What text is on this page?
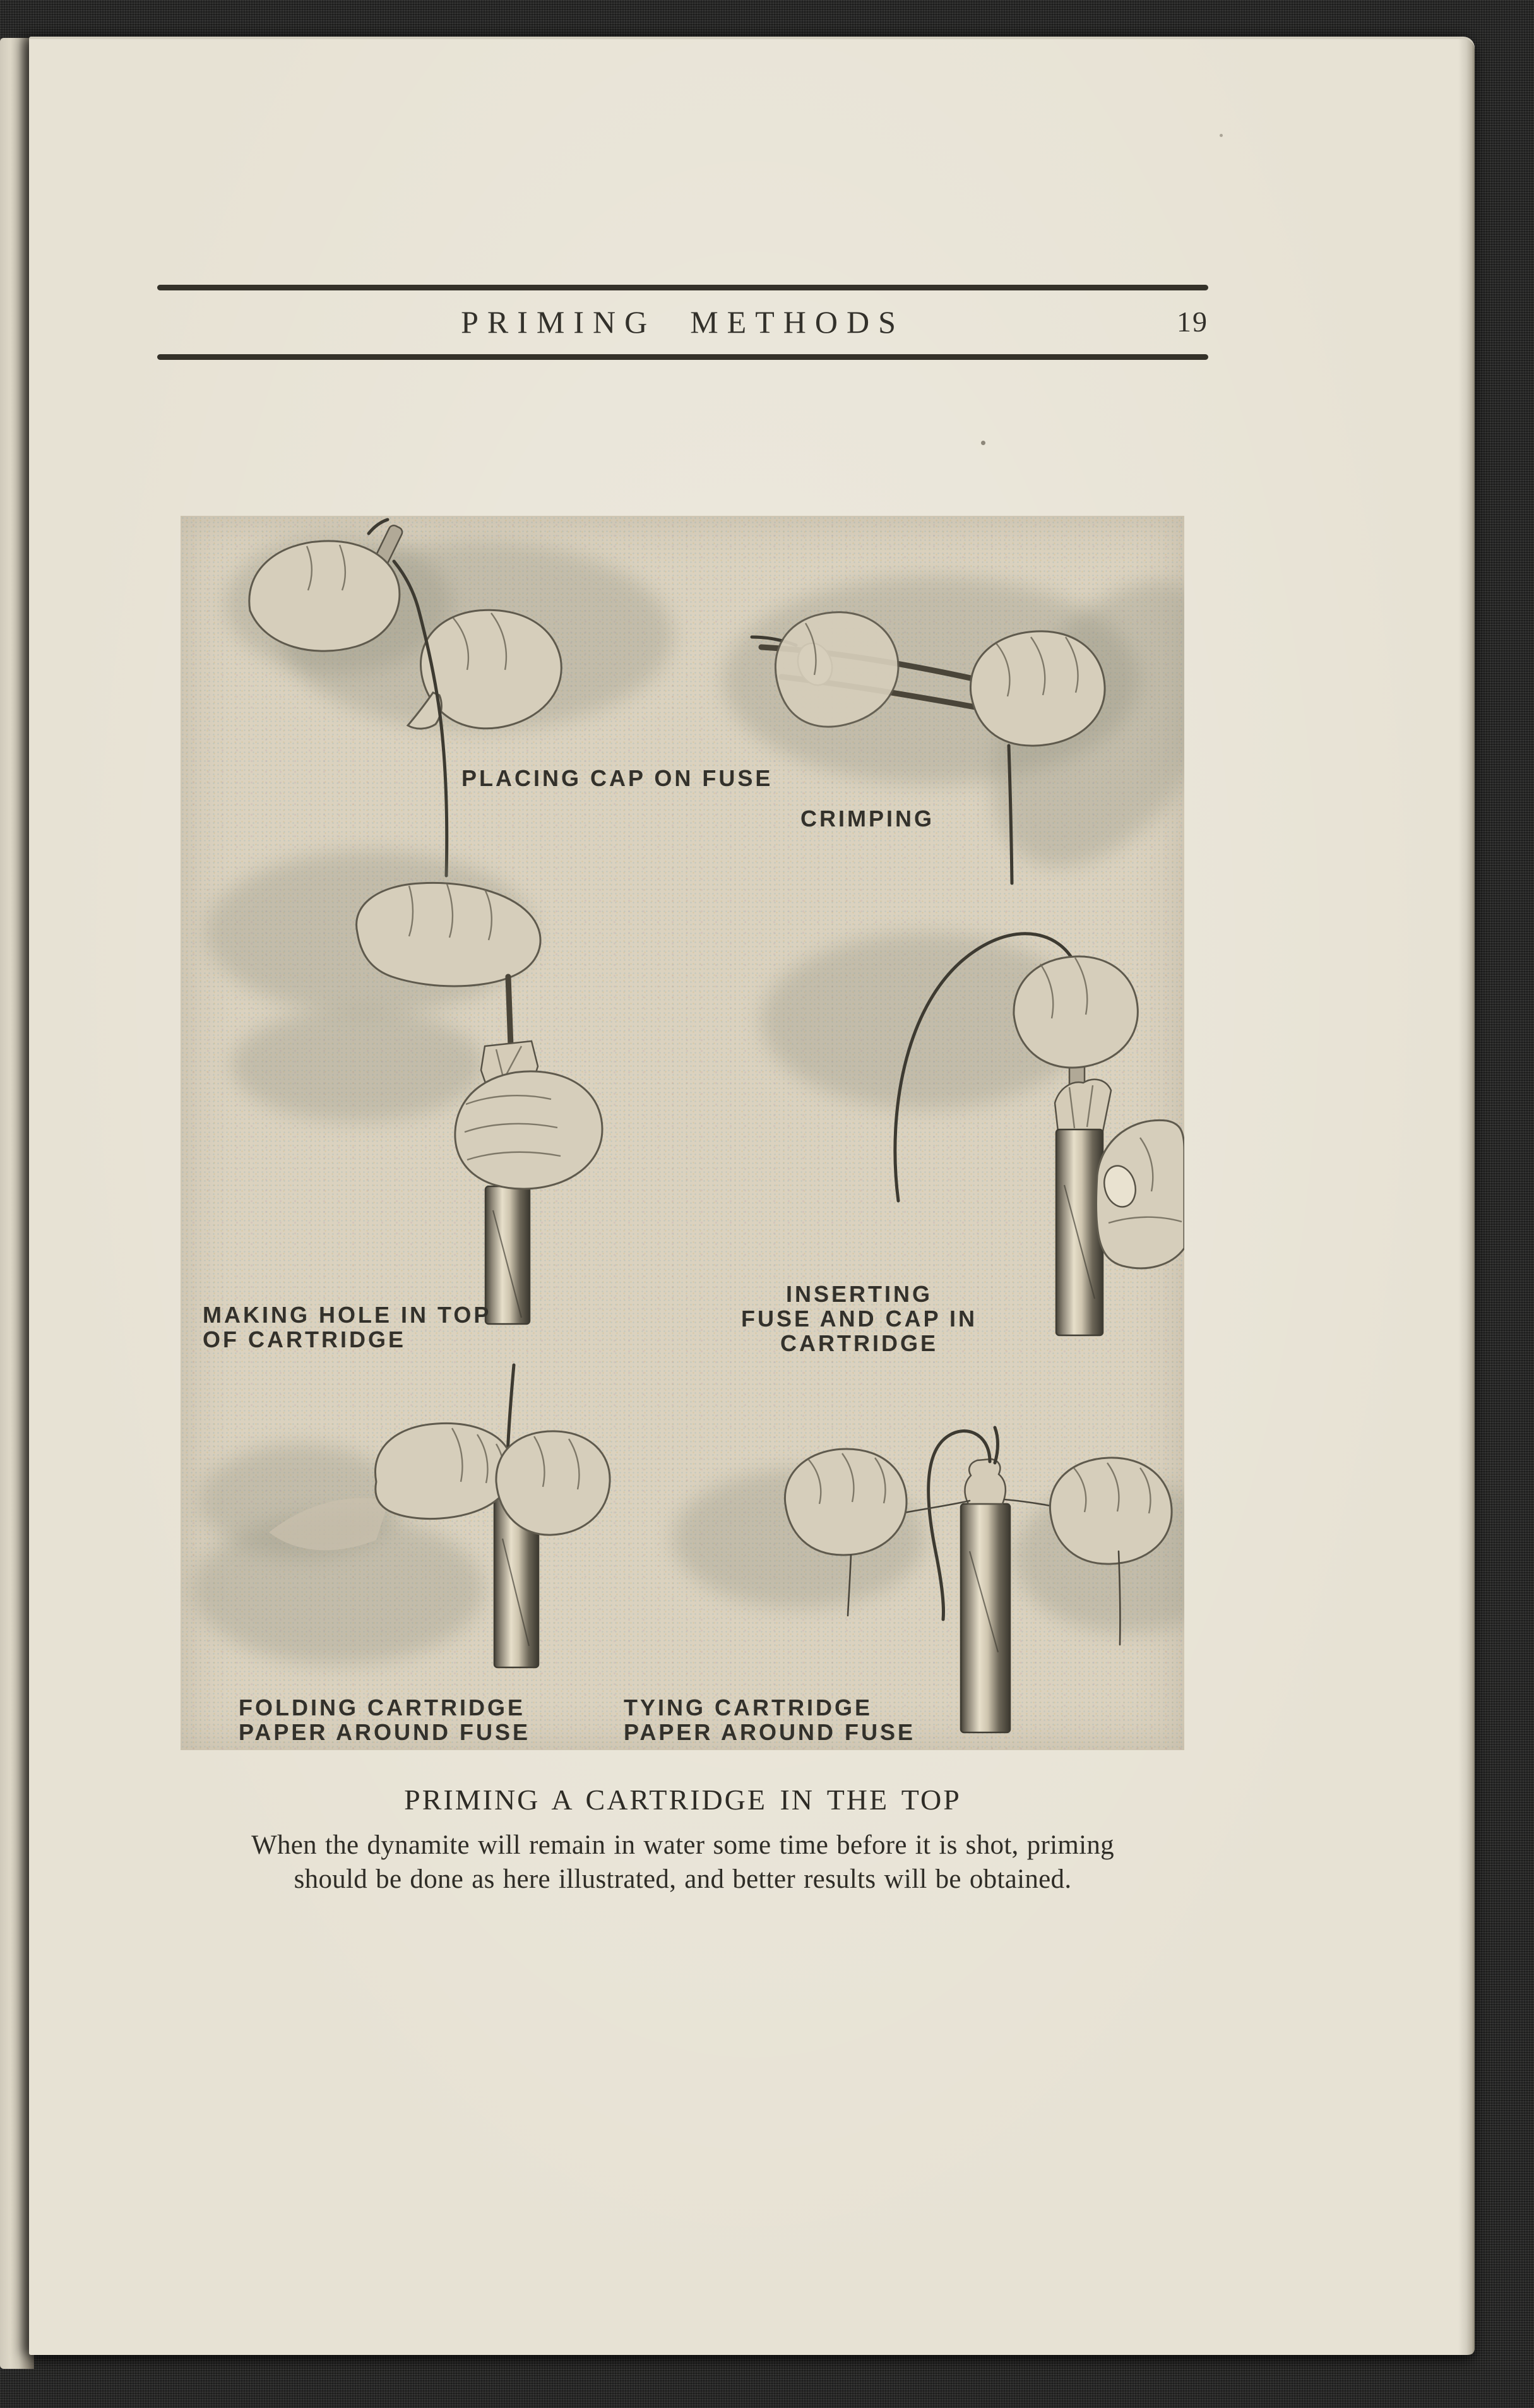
PRIMING METHODS	19
PLACING CAP ON FUSE
CRIMPING
MAKING HOLE IN TOP
OF CARTRIDGE
INSERTING
FUSE AND CAP IN
CARTRIDGE
FOLDING CARTRIDGE
PAPER AROUND FUSE
TYING CARTRIDGE
PAPER AROUND FUSE
PRIMING A CARTRIDGE IN THE TOP
When the dynamite will remain in water some time before it is shot, priming
should be done as here illustrated, and better results will be obtained.
